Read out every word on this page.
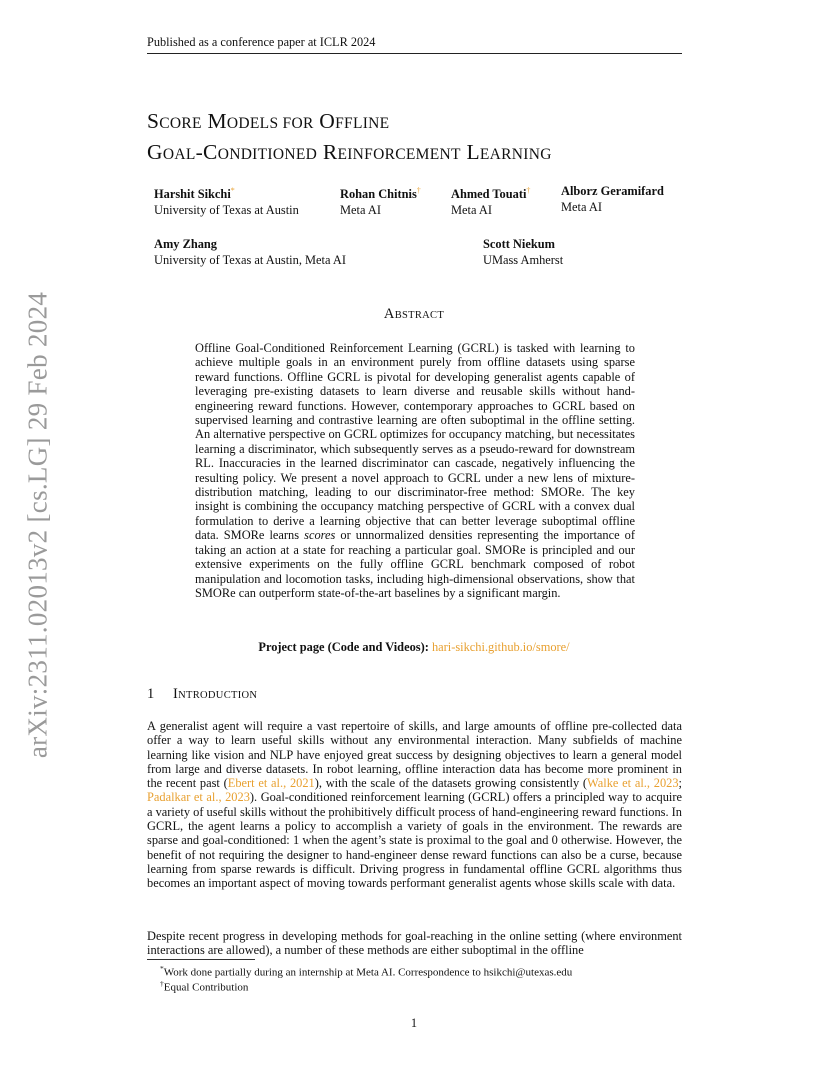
Published as a conference paper at ICLR 2024
arXiv:2311.02013v2 [cs.LG] 29 Feb 2024
SCORE MODELS FOR OFFLINE
GOAL-CONDITIONED REINFORCEMENT LEARNING
Harshit Sikchi*
University of Texas at Austin
Rohan Chitnis†
Meta AI
Ahmed Touati†
Meta AI
Alborz Geramifard
Meta AI
Amy Zhang
University of Texas at Austin, Meta AI
Scott Niekum
UMass Amherst
ABSTRACT
Offline Goal-Conditioned Reinforcement Learning (GCRL) is tasked with learning to achieve multiple goals in an environment purely from offline datasets using sparse reward functions. Offline GCRL is pivotal for developing generalist agents capable of leveraging pre-existing datasets to learn diverse and reusable skills without hand-engineering reward functions. However, contemporary approaches to GCRL based on supervised learning and contrastive learning are often suboptimal in the offline setting. An alternative perspective on GCRL optimizes for occupancy matching, but necessitates learning a discriminator, which subsequently serves as a pseudo-reward for downstream RL. Inaccuracies in the learned discriminator can cascade, negatively influencing the resulting policy. We present a novel approach to GCRL under a new lens of mixture-distribution matching, leading to our discriminator-free method: SMORe. The key insight is combining the occupancy matching perspective of GCRL with a convex dual formulation to derive a learning objective that can better leverage suboptimal offline data. SMORe learns scores or unnormalized densities representing the importance of taking an action at a state for reaching a particular goal. SMORe is principled and our extensive experiments on the fully offline GCRL benchmark composed of robot manipulation and locomotion tasks, including high-dimensional observations, show that SMORe can outperform state-of-the-art baselines by a significant margin.
Project page (Code and Videos): hari-sikchi.github.io/smore/
1 INTRODUCTION
A generalist agent will require a vast repertoire of skills, and large amounts of offline pre-collected data offer a way to learn useful skills without any environmental interaction. Many subfields of machine learning like vision and NLP have enjoyed great success by designing objectives to learn a general model from large and diverse datasets. In robot learning, offline interaction data has become more prominent in the recent past (Ebert et al., 2021), with the scale of the datasets growing consistently (Walke et al., 2023; Padalkar et al., 2023). Goal-conditioned reinforcement learning (GCRL) offers a principled way to acquire a variety of useful skills without the prohibitively difficult process of hand-engineering reward functions. In GCRL, the agent learns a policy to accomplish a variety of goals in the environment. The rewards are sparse and goal-conditioned: 1 when the agent’s state is proximal to the goal and 0 otherwise. However, the benefit of not requiring the designer to hand-engineer dense reward functions can also be a curse, because learning from sparse rewards is difficult. Driving progress in fundamental offline GCRL algorithms thus becomes an important aspect of moving towards performant generalist agents whose skills scale with data.
Despite recent progress in developing methods for goal-reaching in the online setting (where environment interactions are allowed), a number of these methods are either suboptimal in the offline
*Work done partially during an internship at Meta AI. Correspondence to hsikchi@utexas.edu
†Equal Contribution
1
